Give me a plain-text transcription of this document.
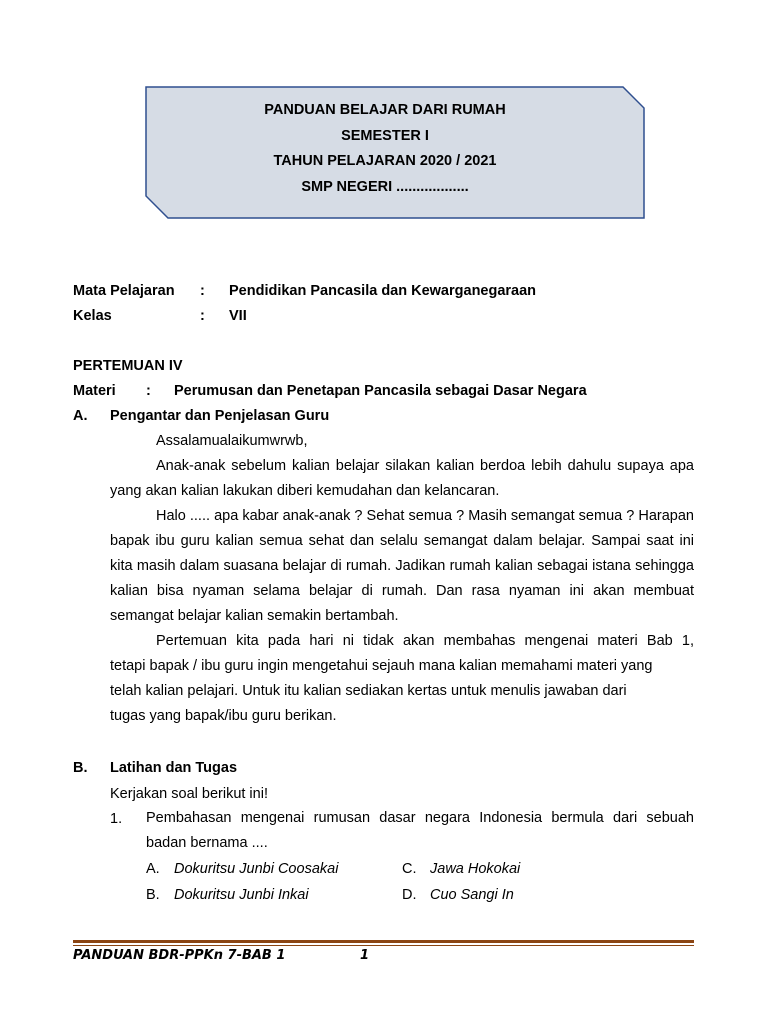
PANDUAN BELAJAR DARI RUMAH
SEMESTER I
TAHUN PELAJARAN 2020 / 2021
SMP NEGERI ..................
Mata Pelajaran : Pendidikan Pancasila dan Kewarganegaraan
Kelas	: VII
PERTEMUAN IV
Materi : Perumusan dan Penetapan Pancasila sebagai Dasar Negara
A. Pengantar dan Penjelasan Guru
Assalamualaikumwrwb,
Anak-anak sebelum kalian belajar silakan kalian berdoa lebih dahulu supaya apa yang akan kalian lakukan diberi kemudahan dan kelancaran.
Halo ..... apa kabar anak-anak ? Sehat semua ? Masih semangat semua ? Harapan bapak ibu guru kalian semua sehat dan selalu semangat dalam belajar. Sampai saat ini kita masih dalam suasana belajar di rumah. Jadikan rumah kalian sebagai istana sehingga kalian bisa nyaman selama belajar di rumah. Dan rasa nyaman ini akan membuat semangat belajar kalian semakin bertambah.
Pertemuan kita pada hari ni tidak akan membahas mengenai materi Bab 1,
tetapi bapak / ibu guru ingin mengetahui sejauh mana kalian memahami materi yang
telah kalian pelajari. Untuk itu kalian sediakan kertas untuk menulis jawaban dari
tugas yang bapak/ibu guru berikan.
B. Latihan dan Tugas
Kerjakan soal berikut ini!
1. Pembahasan mengenai rumusan dasar negara Indonesia bermula dari sebuah badan bernama ....
A. Dokuritsu Junbi Coosakai
B. Dokuritsu Junbi Inkai
C. Jawa Hokokai
D. Cuo Sangi In
PANDUAN BDR-PPKn 7-BAB 1	1
